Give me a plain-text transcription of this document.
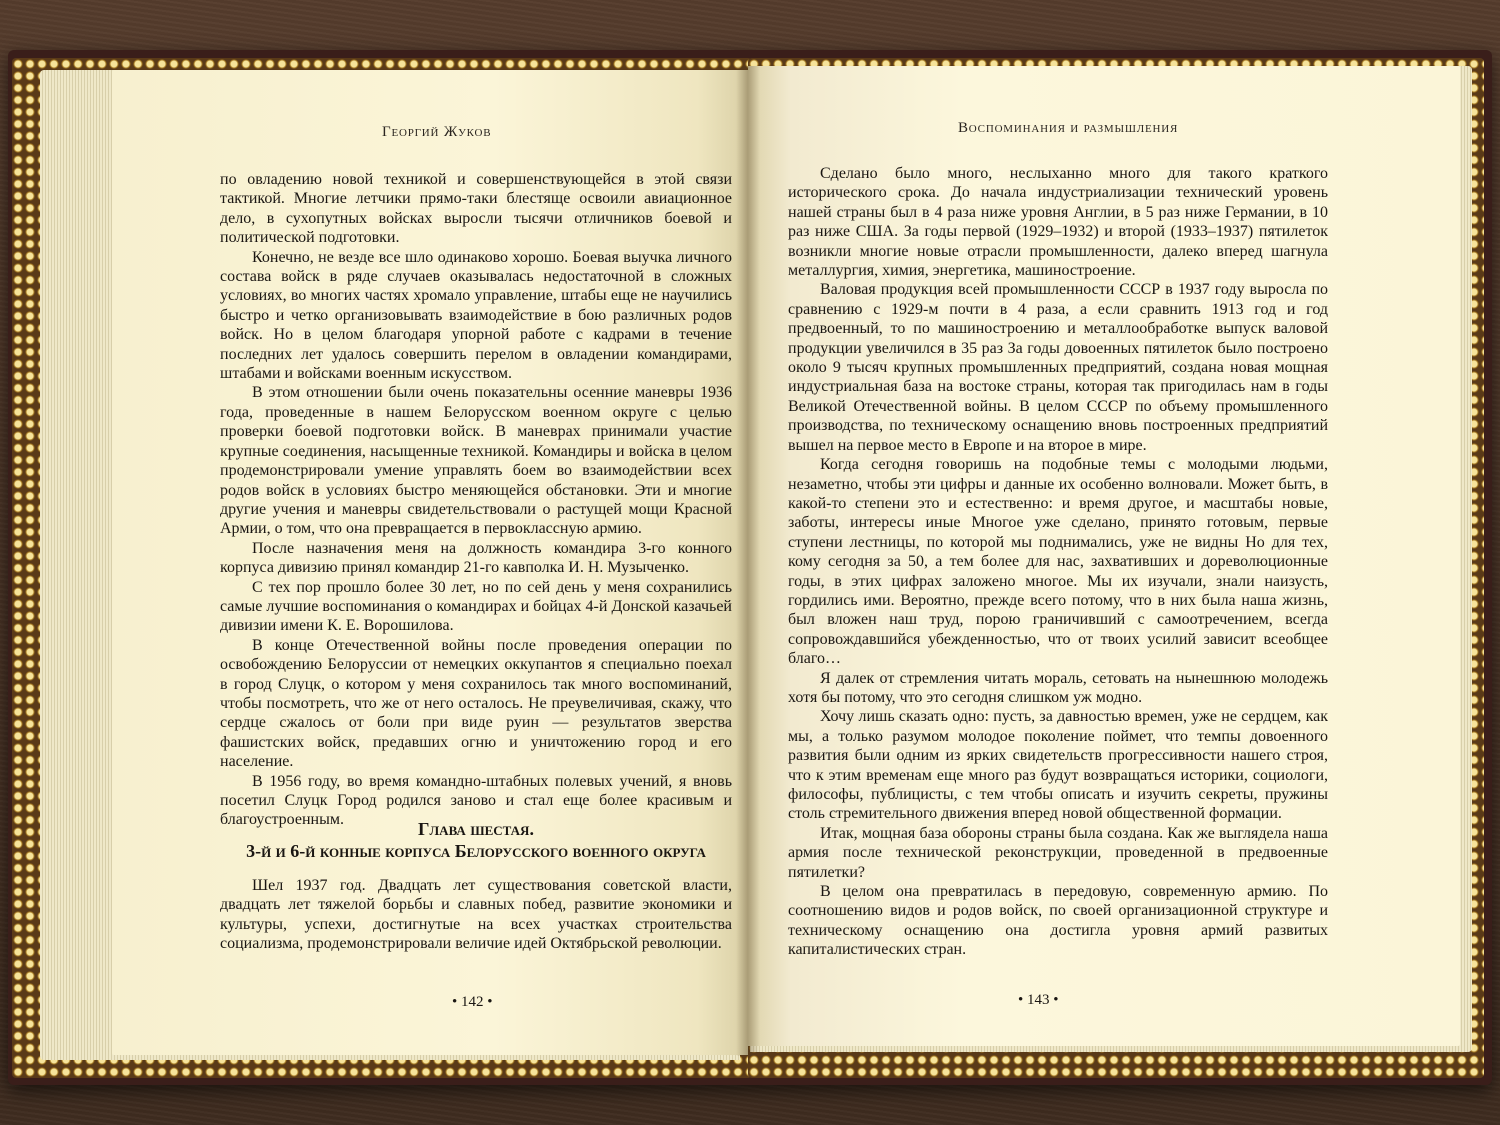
Георгий Жуков

по овладению новой техникой и совершенствующейся в этой связи тактикой. Многие летчики прямо-таки блестяще освоили авиационное дело, в сухопутных войсках выросли тысячи отличников боевой и политической подготовки.

Конечно, не везде все шло одинаково хорошо. Боевая выучка личного состава войск в ряде случаев оказывалась недостаточной в сложных условиях, во многих частях хромало управление, штабы еще не научились быстро и четко организовывать взаимодействие в бою различных родов войск. Но в целом благодаря упорной работе с кадрами в течение последних лет удалось совершить перелом в овладении командирами, штабами и войсками военным искусством.

В этом отношении были очень показательны осенние маневры 1936 года, проведенные в нашем Белорусском военном округе с целью проверки боевой подготовки войск. В маневрах принимали участие крупные соединения, насыщенные техникой. Командиры и войска в целом продемонстрировали умение управлять боем во взаимодействии всех родов войск в условиях быстро меняющейся обстановки. Эти и многие другие учения и маневры свидетельствовали о растущей мощи Красной Армии, о том, что она превращается в первоклассную армию.

После назначения меня на должность командира 3-го конного корпуса дивизию принял командир 21-го кавполка И. Н. Музыченко.

С тех пор прошло более 30 лет, но по сей день у меня сохранились самые лучшие воспоминания о командирах и бойцах 4-й Донской казачьей дивизии имени К. Е. Ворошилова.

В конце Отечественной войны после проведения операции по освобождению Белоруссии от немецких оккупантов я специально поехал в город Слуцк, о котором у меня сохранилось так много воспоминаний, чтобы посмотреть, что же от него осталось. Не преувеличивая, скажу, что сердце сжалось от боли при виде руин — результатов зверства фашистских войск, предавших огню и уничтожению город и его население.

В 1956 году, во время командно-штабных полевых учений, я вновь посетил Слуцк Город родился заново и стал еще более красивым и благоустроенным.	Глава шестая.
3-й и 6-й конные корпуса Белорусского военного округа

Шел 1937 год. Двадцать лет существования советской власти, двадцать лет тяжелой борьбы и славных побед, развитие экономики и культуры, успехи, достигнутые на всех участках строительства социализма, продемонстрировали величие идей Октябрьской революции.

• 142 •
Воспоминания и размышления

Сделано было много, неслыханно много для такого краткого исторического срока. До начала индустриализации технический уровень нашей страны был в 4 раза ниже уровня Англии, в 5 раз ниже Германии, в 10 раз ниже США. За годы первой (1929–1932) и второй (1933–1937) пятилеток возникли многие новые отрасли промышленности, далеко вперед шагнула металлургия, химия, энергетика, машиностроение.

Валовая продукция всей промышленности СССР в 1937 году выросла по сравнению с 1929-м почти в 4 раза, а если сравнить 1913 год и год предвоенный, то по машиностроению и металлообработке выпуск валовой продукции увеличился в 35 раз За годы довоенных пятилеток было построено около 9 тысяч крупных промышленных предприятий, создана новая мощная индустриальная база на востоке страны, которая так пригодилась нам в годы Великой Отечественной войны. В целом СССР по объему промышленного производства, по техническому оснащению вновь построенных предприятий вышел на первое место в Европе и на второе в мире.

Когда сегодня говоришь на подобные темы с молодыми людьми, незаметно, чтобы эти цифры и данные их особенно волновали. Может быть, в какой-то степени это и естественно: и время другое, и масштабы новые, заботы, интересы иные Многое уже сделано, принято готовым, первые ступени лестницы, по которой мы поднимались, уже не видны Но для тех, кому сегодня за 50, а тем более для нас, захвативших и дореволюционные годы, в этих цифрах заложено многое. Мы их изучали, знали наизусть, гордились ими. Вероятно, прежде всего потому, что в них была наша жизнь, был вложен наш труд, порою граничивший с самоотречением, всегда сопровождавшийся убежденностью, что от твоих усилий зависит всеобщее благо…

Я далек от стремления читать мораль, сетовать на нынешнюю молодежь хотя бы потому, что это сегодня слишком уж модно.

Хочу лишь сказать одно: пусть, за давностью времен, уже не сердцем, как мы, а только разумом молодое поколение поймет, что темпы довоенного развития были одним из ярких свидетельств прогрессивности нашего строя, что к этим временам еще много раз будут возвращаться историки, социологи, философы, публицисты, с тем чтобы описать и изучить секреты, пружины столь стремительного движения вперед новой общественной формации.

Итак, мощная база обороны страны была создана. Как же выглядела наша армия после технической реконструкции, проведенной в предвоенные пятилетки?

В целом она превратилась в передовую, современную армию. По соотношению видов и родов войск, по своей организационной структуре и техническому оснащению она достигла уровня армий развитых капиталистических стран.

• 143 •
